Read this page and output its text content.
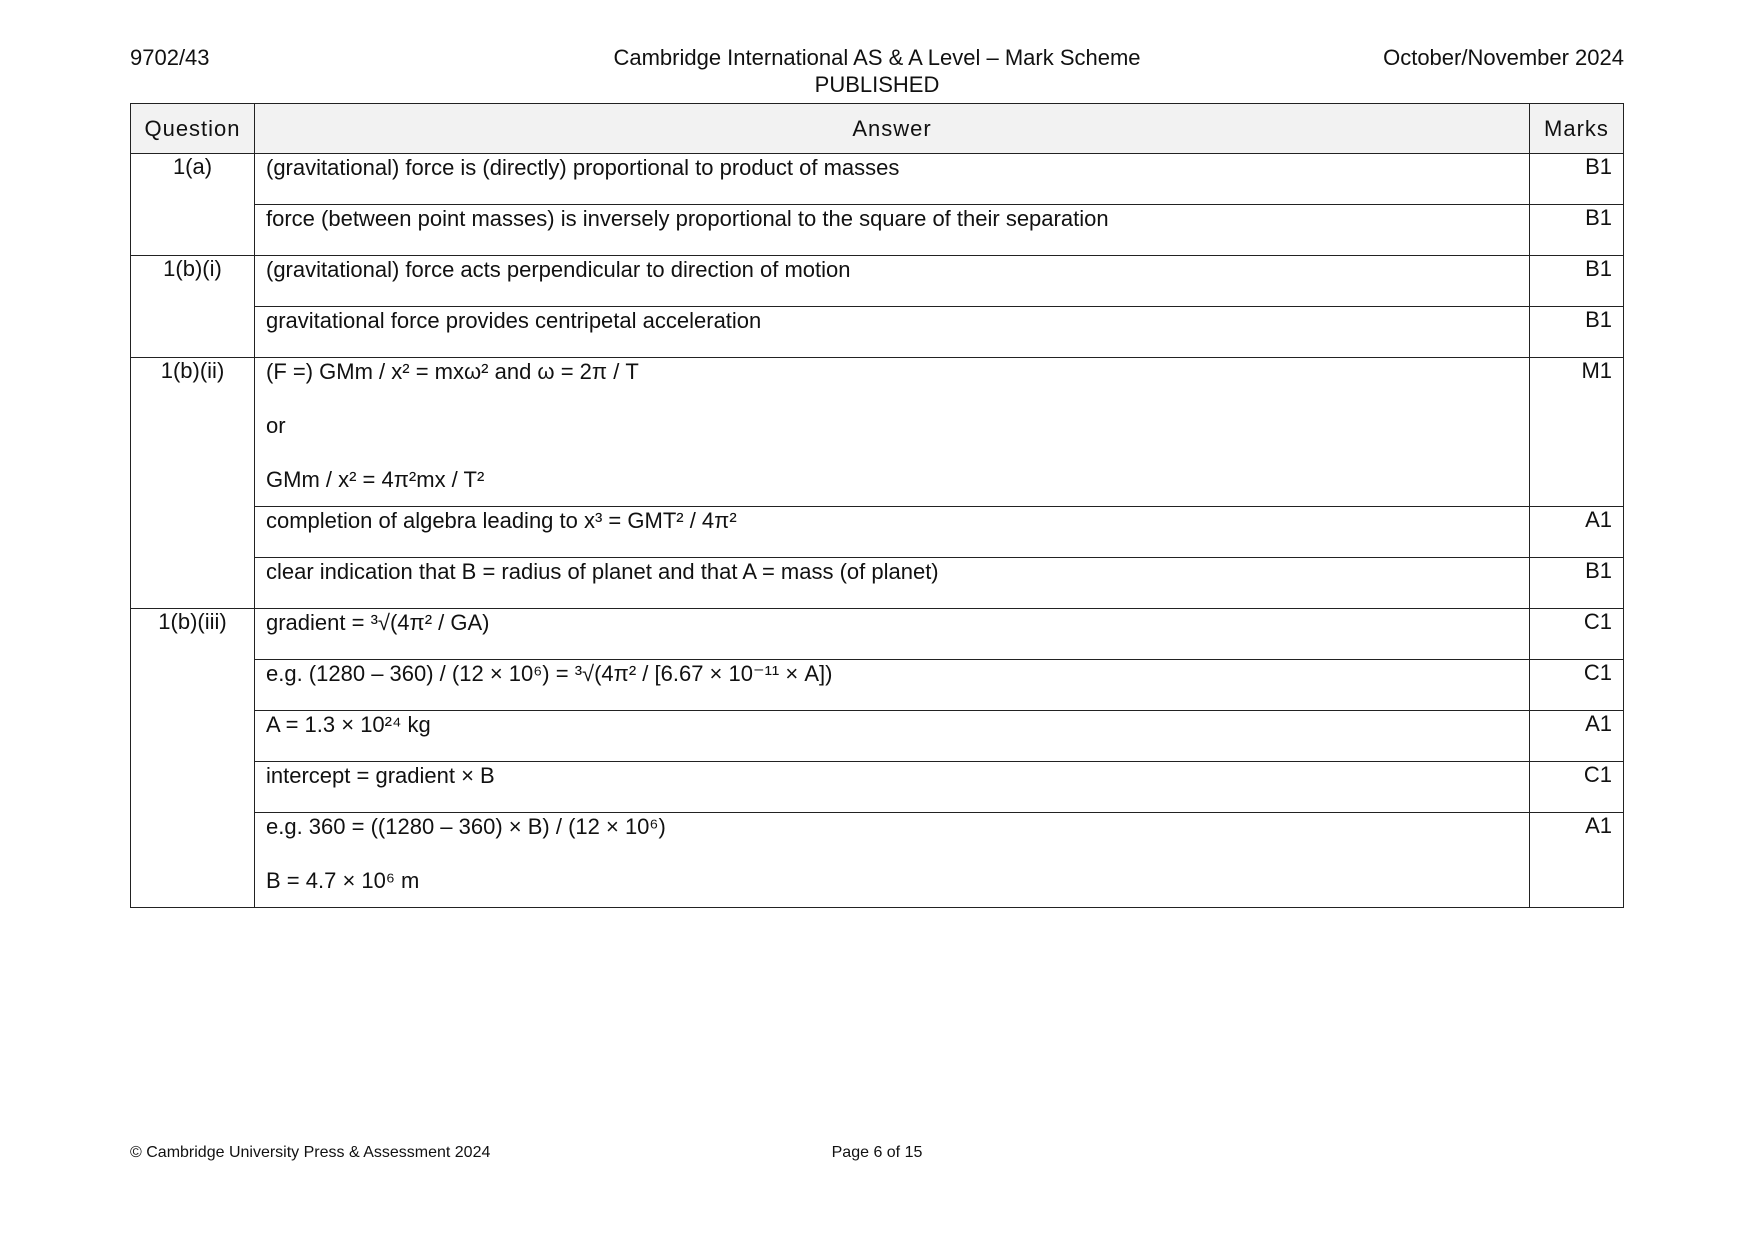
9702/43	Cambridge International AS & A Level – Mark Scheme
PUBLISHED
October/November 2024
Question	Answer	Marks
1(a)	(gravitational) force is (directly) proportional to product of masses	B1

	force (between point masses) is inversely proportional to the square of their separation	B1
1(b)(i)	(gravitational) force acts perpendicular to direction of motion	B1

	gravitational force provides centripetal acceleration	B1
1(b)(ii)	(F =) GMm / x² = mxω² and ω = 2π / T
or
GMm / x² = 4π²mx / T²	M1

	completion of algebra leading to x³ = GMT² / 4π²	A1

	clear indication that B = radius of planet and that A = mass (of planet)	B1
1(b)(iii)	gradient = ³√(4π² / GA)	C1

	e.g. (1280 – 360) / (12 × 10⁶) = ³√(4π² / [6.67 × 10⁻¹¹ × A])	C1

	A = 1.3 × 10²⁴ kg	A1

	intercept = gradient × B	C1

	e.g. 360 = ((1280 – 360) × B) / (12 × 10⁶)
B = 4.7 × 10⁶ m	A1
© Cambridge University Press & Assessment 2024	Page 6 of 15
